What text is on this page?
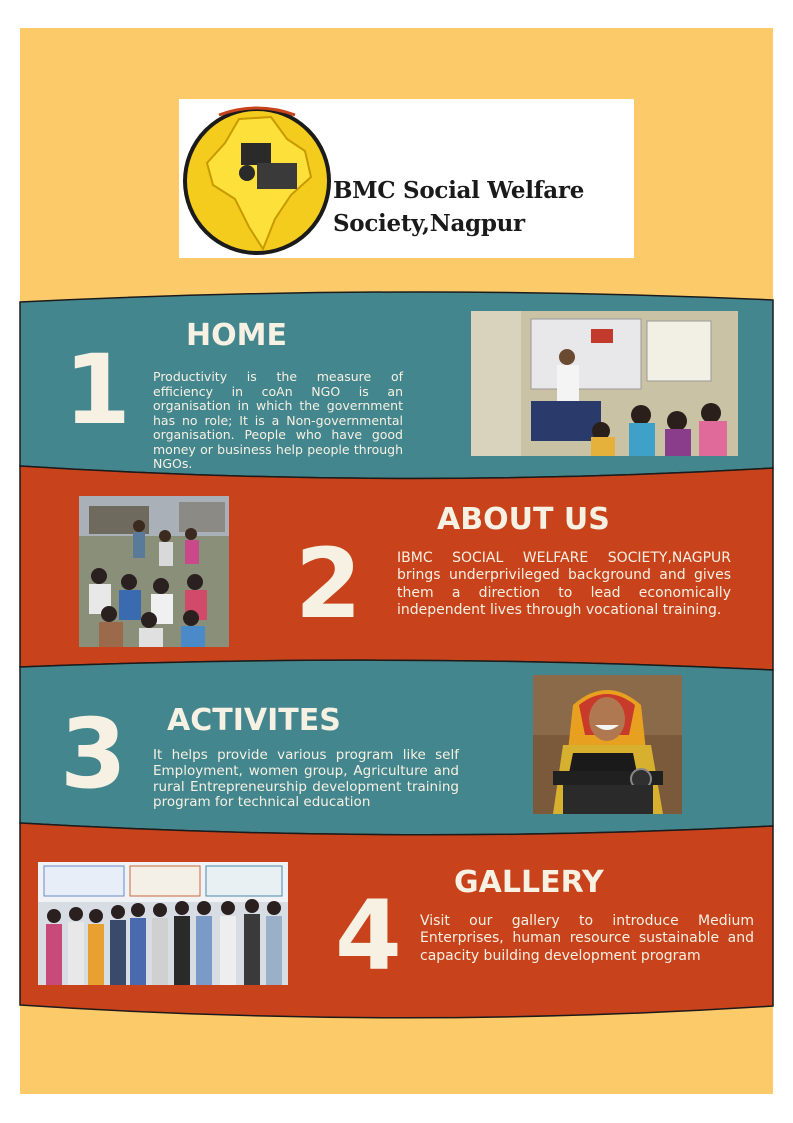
BMC Social Welfare
Society,Nagpur
HOME
1 Productivity is the measure of efficiency in coAn NGO is an organisation in which the government has no role; It is a Non-governmental organisation. People who have good money or business help people through NGOs.
ABOUT US
2	IBMC SOCIAL WELFARE SOCIETY,NAGPUR brings underprivileged background and gives them a direction to lead economically independent lives through vocational training.
ACTIVITES
3 It helps provide various program like self Employment, women group, Agriculture and rural Entrepreneurship development training program for technical education
GALLERY
4 Visit our gallery to introduce Medium Enterprises, human resource sustainable and capacity building development program
